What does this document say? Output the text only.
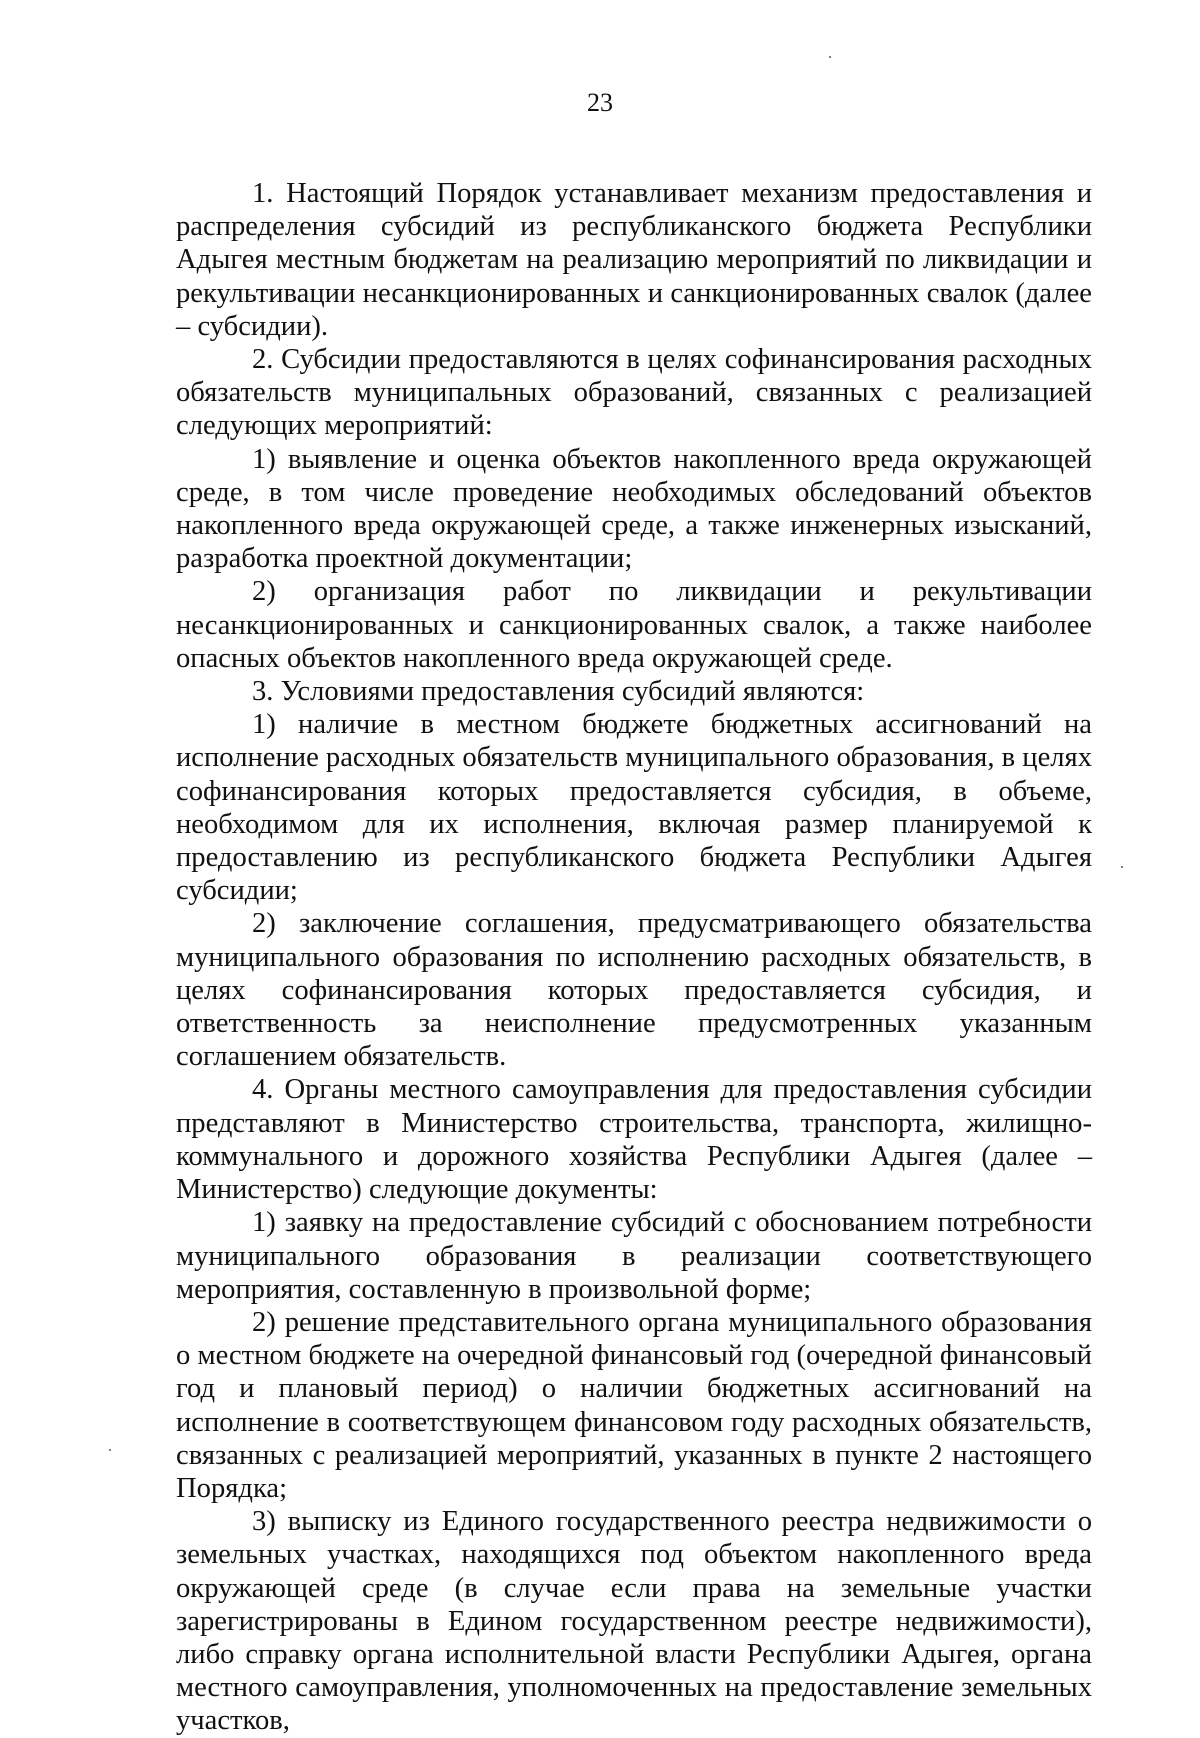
23

1. Настоящий Порядок устанавливает механизм предоставления и распределения субсидий из республиканского бюджета Республики Адыгея местным бюджетам на реализацию мероприятий по ликвидации и рекультивации несанкционированных и санкционированных свалок (далее – субсидии).

2. Субсидии предоставляются в целях софинансирования расходных обязательств муниципальных образований, связанных с реализацией следующих мероприятий:

1) выявление и оценка объектов накопленного вреда окружающей среде, в том числе проведение необходимых обследований объектов накопленного вреда окружающей среде, а также инженерных изысканий, разработка проектной документации;

2) организация работ по ликвидации и рекультивации несанкционированных и санкционированных свалок, а также наиболее опасных объектов накопленного вреда окружающей среде.

3. Условиями предоставления субсидий являются:

1) наличие в местном бюджете бюджетных ассигнований на исполнение расходных обязательств муниципального образования, в целях софинансирования которых предоставляется субсидия, в объеме, необходимом для их исполнения, включая размер планируемой к предоставлению из республиканского бюджета Республики Адыгея субсидии;

2) заключение соглашения, предусматривающего обязательства муниципального образования по исполнению расходных обязательств, в целях софинансирования которых предоставляется субсидия, и ответственность за неисполнение предусмотренных указанным соглашением обязательств.

4. Органы местного самоуправления для предоставления субсидии представляют в Министерство строительства, транспорта, жилищно-коммунального и дорожного хозяйства Республики Адыгея (далее – Министерство) следующие документы:

1) заявку на предоставление субсидий с обоснованием потребности муниципального образования в реализации соответствующего мероприятия, составленную в произвольной форме;

2) решение представительного органа муниципального образования о местном бюджете на очередной финансовый год (очередной финансовый год и плановый период) о наличии бюджетных ассигнований на исполнение в соответствующем финансовом году расходных обязательств, связанных с реализацией мероприятий, указанных в пункте 2 настоящего Порядка;

3) выписку из Единого государственного реестра недвижимости о земельных участках, находящихся под объектом накопленного вреда окружающей среде (в случае если права на земельные участки зарегистрированы в Едином государственном реестре недвижимости), либо справку органа исполнительной власти Республики Адыгея, органа местного самоуправления, уполномоченных на предоставление земельных участков,
